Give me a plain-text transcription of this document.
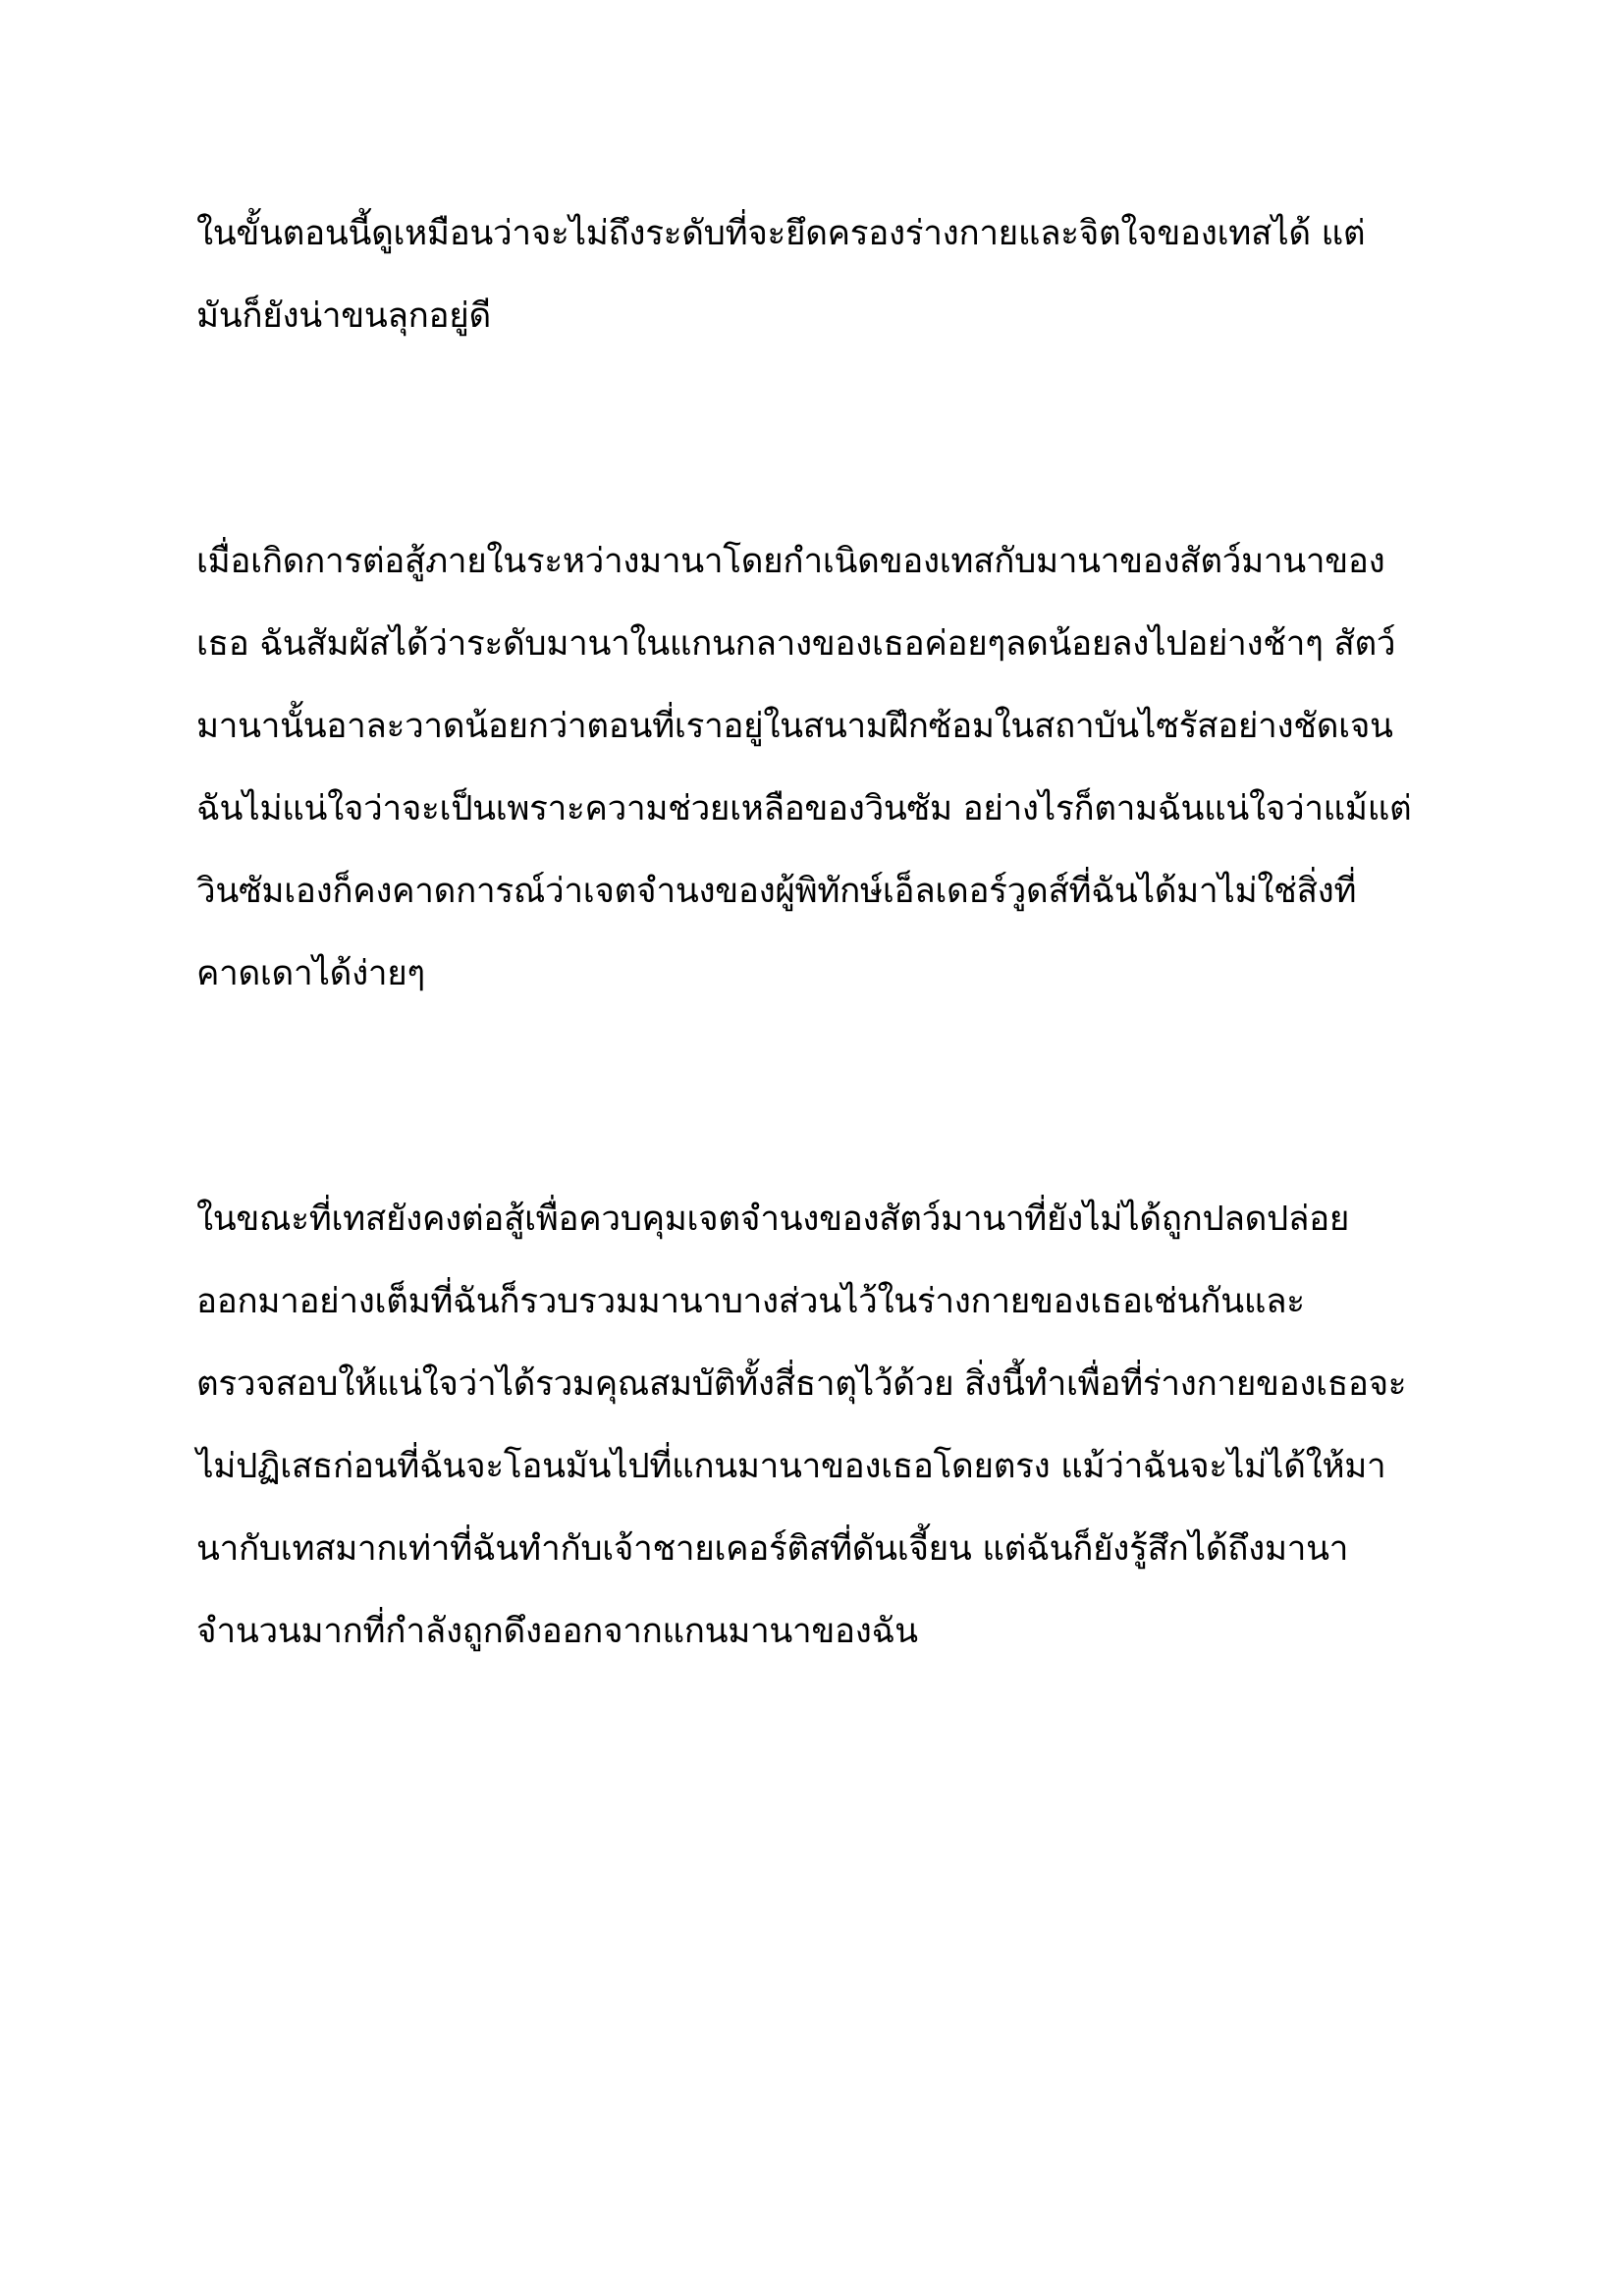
ในขั้นตอนนี้ดูเหมือนว่าจะไม่ถึงระดับที่จะยึดครองร่างกายและจิตใจของเทสได้ แต่
มันก็ยังน่าขนลุกอยู่ดี
เมื่อเกิดการต่อสู้ภายในระหว่างมานาโดยกำเนิดของเทสกับมานาของสัตว์มานาของ
เธอ ฉันสัมผัสได้ว่าระดับมานาในแกนกลางของเธอค่อยๆลดน้อยลงไปอย่างช้าๆ สัตว์
มานานั้นอาละวาดน้อยกว่าตอนที่เราอยู่ในสนามฝึกซ้อมในสถาบันไซรัสอย่างชัดเจน
ฉันไม่แน่ใจว่าจะเป็นเพราะความช่วยเหลือของวินซัม อย่างไรก็ตามฉันแน่ใจว่าแม้แต่
วินซัมเองก็คงคาดการณ์ว่าเจตจำนงของผู้พิทักษ์เอ็ลเดอร์วูดส์ที่ฉันได้มาไม่ใช่สิ่งที่
คาดเดาได้ง่ายๆ
ในขณะที่เทสยังคงต่อสู้เพื่อควบคุมเจตจำนงของสัตว์มานาที่ยังไม่ได้ถูกปลดปล่อย
ออกมาอย่างเต็มที่ฉันก็รวบรวมมานาบางส่วนไว้ในร่างกายของเธอเช่นกันและ
ตรวจสอบให้แน่ใจว่าได้รวมคุณสมบัติทั้งสี่ธาตุไว้ด้วย สิ่งนี้ทำเพื่อที่ร่างกายของเธอจะ
ไม่ปฏิเสธก่อนที่ฉันจะโอนมันไปที่แกนมานาของเธอโดยตรง แม้ว่าฉันจะไม่ได้ให้มา
นากับเทสมากเท่าที่ฉันทำกับเจ้าชายเคอร์ติสที่ดันเจี้ยน แต่ฉันก็ยังรู้สึกได้ถึงมานา
จำนวนมากที่กำลังถูกดึงออกจากแกนมานาของฉัน
